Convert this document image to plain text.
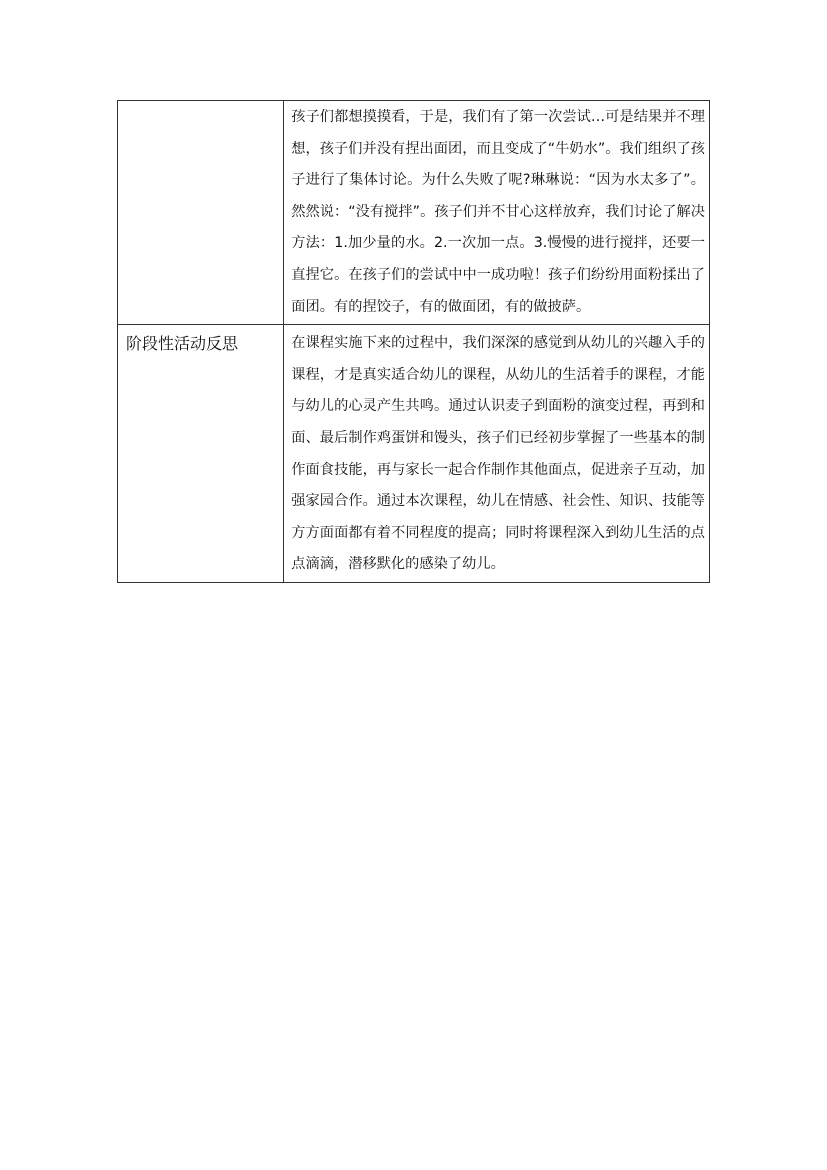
	孩子们都想摸摸看，于是，我们有了第一次尝试…可是结果并不理想，孩子们并没有捏出面团，而且变成了“牛奶水”。我们组织了孩子进行了集体讨论。为什么失败了呢?琳琳说：“因为水太多了”。然然说：“没有搅拌”。孩子们并不甘心这样放弃，我们讨论了解决方法：1.加少量的水。2.一次加一点。3.慢慢的进行搅拌，还要一直捏它。在孩子们的尝试中中一成功啦！孩子们纷纷用面粉揉出了面团。有的捏饺子，有的做面团，有的做披萨。

阶段性活动反思	在课程实施下来的过程中，我们深深的感觉到从幼儿的兴趣入手的课程，才是真实适合幼儿的课程，从幼儿的生活着手的课程，才能与幼儿的心灵产生共鸣。通过认识麦子到面粉的演变过程，再到和面、最后制作鸡蛋饼和馒头，孩子们已经初步掌握了一些基本的制作面食技能，再与家长一起合作制作其他面点，促进亲子互动，加强家园合作。通过本次课程，幼儿在情感、社会性、知识、技能等方方面面都有着不同程度的提高；同时将课程深入到幼儿生活的点点滴滴，潜移默化的感染了幼儿。
